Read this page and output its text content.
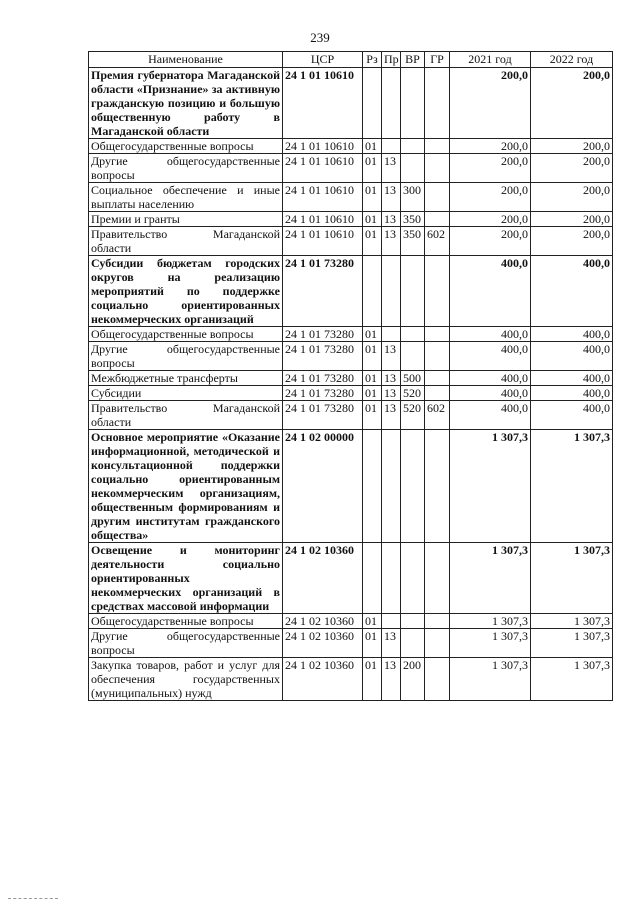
239
Наименование	ЦСР	Рз	Пр	ВР	ГР	2021 год	2022 год
Премия губернатора Магаданской области «Признание» за активную гражданскую позицию и большую общественную работу в Магаданской области	24 1 01 10610					200,0	200,0
Общегосударственные вопросы	24 1 01 10610	01				200,0	200,0
Другие общегосударственные вопросы	24 1 01 10610	01	13			200,0	200,0
Социальное обеспечение и иные выплаты населению	24 1 01 10610	01	13	300		200,0	200,0
Премии и гранты	24 1 01 10610	01	13	350		200,0	200,0
Правительство Магаданской области	24 1 01 10610	01	13	350	602	200,0	200,0
Субсидии бюджетам городских округов на реализацию мероприятий по поддержке социально ориентированных некоммерческих организаций	24 1 01 73280					400,0	400,0
Общегосударственные вопросы	24 1 01 73280	01				400,0	400,0
Другие общегосударственные вопросы	24 1 01 73280	01	13			400,0	400,0
Межбюджетные трансферты	24 1 01 73280	01	13	500		400,0	400,0
Субсидии	24 1 01 73280	01	13	520		400,0	400,0
Правительство Магаданской области	24 1 01 73280	01	13	520	602	400,0	400,0
Основное мероприятие «Оказание информационной, методической и консультационной поддержки социально ориентированным некоммерческим организациям, общественным формированиям и другим институтам гражданского общества»	24 1 02 00000					1 307,3	1 307,3
Освещение и мониторинг деятельности социально ориентированных некоммерческих организаций в средствах массовой информации	24 1 02 10360					1 307,3	1 307,3
Общегосударственные вопросы	24 1 02 10360	01				1 307,3	1 307,3
Другие общегосударственные вопросы	24 1 02 10360	01	13			1 307,3	1 307,3
Закупка товаров, работ и услуг для обеспечения государственных (муниципальных) нужд	24 1 02 10360	01	13	200		1 307,3	1 307,3
